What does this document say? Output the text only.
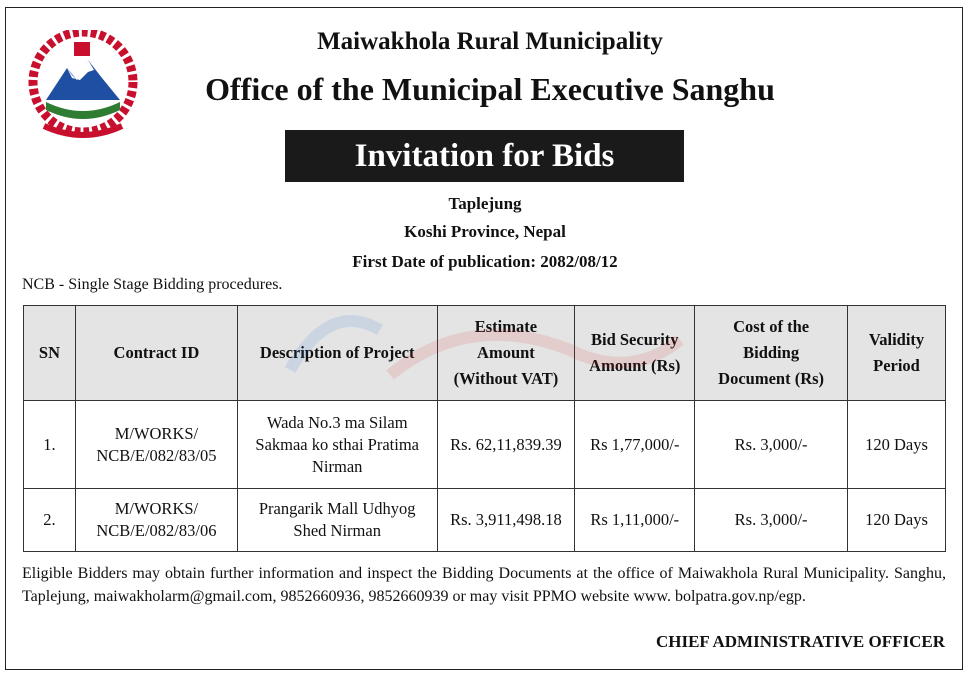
Maiwakhola Rural Municipality
Office of the Municipal Executive Sanghu
Invitation for Bids
Taplejung
Koshi Province, Nepal
First Date of publication: 2082/08/12
NCB - Single Stage Bidding procedures.
SN	Contract ID	Description of Project	Estimate Amount (Without VAT)	Bid Security Amount (Rs)	Cost of the Bidding Document (Rs)	Validity Period
1.	M/WORKS/ NCB/E/082/83/05	Wada No.3 ma Silam Sakmaa ko sthai Pratima Nirman	Rs. 62,11,839.39	Rs 1,77,000/-	Rs. 3,000/-	120 Days
2.	M/WORKS/ NCB/E/082/83/06	Prangarik Mall Udhyog Shed Nirman	Rs. 3,911,498.18	Rs 1,11,000/-	Rs. 3,000/-	120 Days
Eligible Bidders may obtain further information and inspect the Bidding Documents at the office of Maiwakhola Rural Municipality. Sanghu, Taplejung, maiwakholarm@gmail.com, 9852660936, 9852660939 or may visit PPMO website www. bolpatra.gov.np/egp.
CHIEF ADMINISTRATIVE OFFICER
